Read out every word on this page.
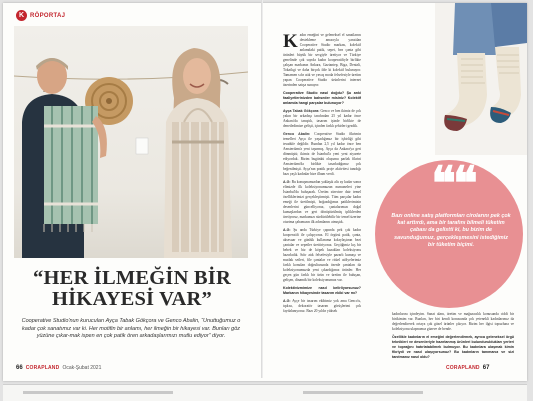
K RÖPORTAJ
“HER İLMEĞİN BİR
HİKAYESİ VAR”
Cooperative Studio'nun kurucuları Ayça Tabak Gökçora ve Genco Abalin, “Unuttuğumuz o kadar çok sanatımız var ki. Her motifin bir anlamı, her ilmeğin bir hikayesi var. Bunları göz yüzüne çıkar-mak ispen en çok patik ören arkadaşlarımızı mutlu ediyor” diyor.
66 CORAPLAND Ocak-Şubat 2021

Kadın emeğini ve geleneksel el sanatlarını destekleme amacıyla yaratılan Cooperative Studio markası, kolektif anlamdaki patik, sepet, bez çanta gibi ürünleri büyük bir sevgiyle üretiyor ve Türkiye genelinde çok sayıda kadın kooperatifiyle birlikte çalışan markanın Ankara, Gaziantep, Biga, Denizli, Tokatlıgi ve daha birçok ilde ki kolektif bulunuyor. Tamamen sıfır atık ve yavaş moda felsefesiyle üretim yapan Cooperative Studio ürünlerini internet üzerinden satışa sunuyor.

Cooperative Studio nasıl doğdu? Şu anki faaliyetlerinizden bahseder misiniz? Kolektif anlamda hangi parçalar bulunuyor?

Ayça Tabak Gökçora: Genco ve ben ikimiz de çok yakın bir arkadaşı tarafından 25 yıl kadar önce Ankara'da tanıştık, tasarım işinde birlikte de denetledimize gelişti, içinden farklı şehirleri gezdik.

Genco Abalin: Cooperative Studio fikrimin temelleri Ayça ile yaşadığımız bir işbirliği gibi tesadüfe değildir. Bundan 2,5 yıl kadar önce ben Amsterdam'a yeni taşınmış, Ayça da Ankara'ya geri dönmüştü; ikimiz de İstanbul'a yeni yeni ziyarete ediyorduk. Bizim bugünkü oluşumu parlak fikrini Amsterdam'da birlikte tasarladığımız çok beğenilmişti. Ayça'nın pratik proje aktivitesi tanıdığı bazı yaşlı kadınlar bize ilham verdi.

A.G: Bu konuşmamızdan yaklaşık altı ay kadar sonra elimizde ilk koleksiyonumuzun numuneleri yine İstanbul'da buluşarak. Üretim sürecine dair temel özelliklerimizi gerçekleştirmişti. Tüm parçalar kadın emeği ile üretilmişti, boğazdığımız patiklerimizin desenlerini güncelliyoruz, çantalarımızı doğal kumaşlardan ve geri dönüştürülmüş ipliklerden üretiyoruz, markamızı sürdürülebilir bir temel üzerine oturtma çabamızın ilk adımlarını atmıştık.

A.G: Şu anda Türkiye çapında pek çok kadın kooperatifi ile çalışıyoruz. El örgüsü patik, çanta, aksesuar ve günlük kullanıma kolaylaştıran bezi çantalar ve sepetler ürettiriyoruz. Geçtiğimiz kış bir bebek ve biz de köpek kazakları koleksiyonu hazırladık. Sıfır atık felsefesiyle pazarlı kumaşı ve mutfak setleri, file çantalar ve ritüel atölyelerimiz farklı konuları doğrultusunda özenle çantaları da koleksiyonumuzda yeni çıkardığımız ürünler. Her geçen gün farklı bir ürün ve üretim ile buluşan, gelişen, dinamik bir koleksiyonumuz var.

Kolektivizmimize nasıl belirliyorsunuz? Markanın hikayesinde tasarım ekibi var mı?

A.G: Ayçe bir tasarım ekibimiz yok ama Genco'u, tıpkısı, dekoratör tasarım görüşlerimi çok faydalanıyoruz. Bazı 20 yıldır yüksek

❝❝
Bazı online satış platformları cirolarını pek çok kat arttırdı, ama bir tarafını bilmeli tüketim çabası da gelistti ki, bu bizim de savunduğumuz, gerçekleşmesini istediğimiz bir tüketim biçimi.

kadınlarını içindeyim. Sanat alanı, üretim ve mağazacılık konusunda ciddi bir birikimim var. Bunları, her biri kendi konusunda çok yetenekli kadınlarımız da değerlendirerek ortaya çok güzel ürünler çıkıyor. Bizim her ilgisi topuzluna ve koleksiyonu ulaşmamız güzeve de bende.

Özellikle kadınların el emeğini değerlendirmek, ayrıca geleneksel örgü teknikleri ve desenleriyle hazırlanmış ürünleri bulunduruldukları yerleri ve toprağını hatırlatabilmek bulmuyor. Bu kadınlara ulaşmak kimin fikriydi ve nasıl ulaşıyorsunuz? Bu kadınların tanımanız ve sizi tanıtmanız nasıl oldu?

CORAPLAND 67
